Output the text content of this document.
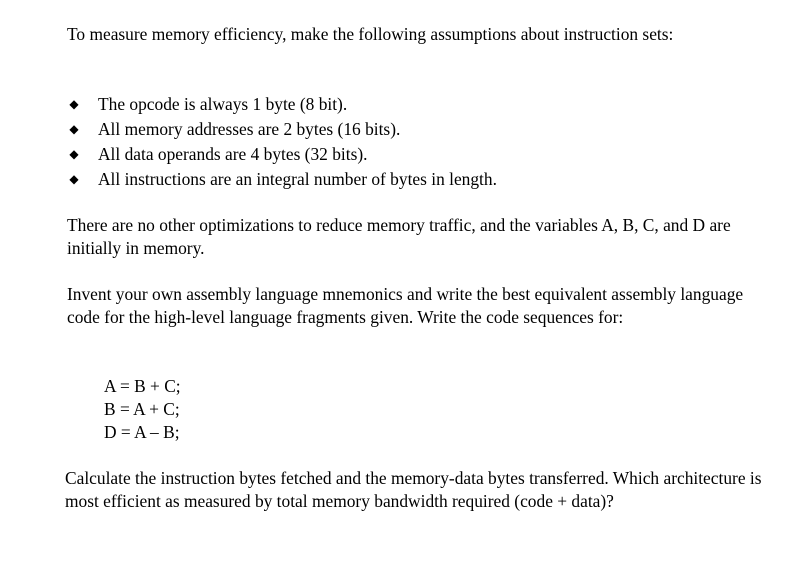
To measure memory efficiency, make the following assumptions about instruction sets:

◆ The opcode is always 1 byte (8 bit).
◆ All memory addresses are 2 bytes (16 bits).
◆ All data operands are 4 bytes (32 bits).
◆ All instructions are an integral number of bytes in length.

There are no other optimizations to reduce memory traffic, and the variables A, B, C, and D are initially in memory.

Invent your own assembly language mnemonics and write the best equivalent assembly language code for the high-level language fragments given. Write the code sequences for:

A = B + C;
B = A + C;
D = A – B;

Calculate the instruction bytes fetched and the memory-data bytes transferred. Which architecture is most efficient as measured by total memory bandwidth required (code + data)?
